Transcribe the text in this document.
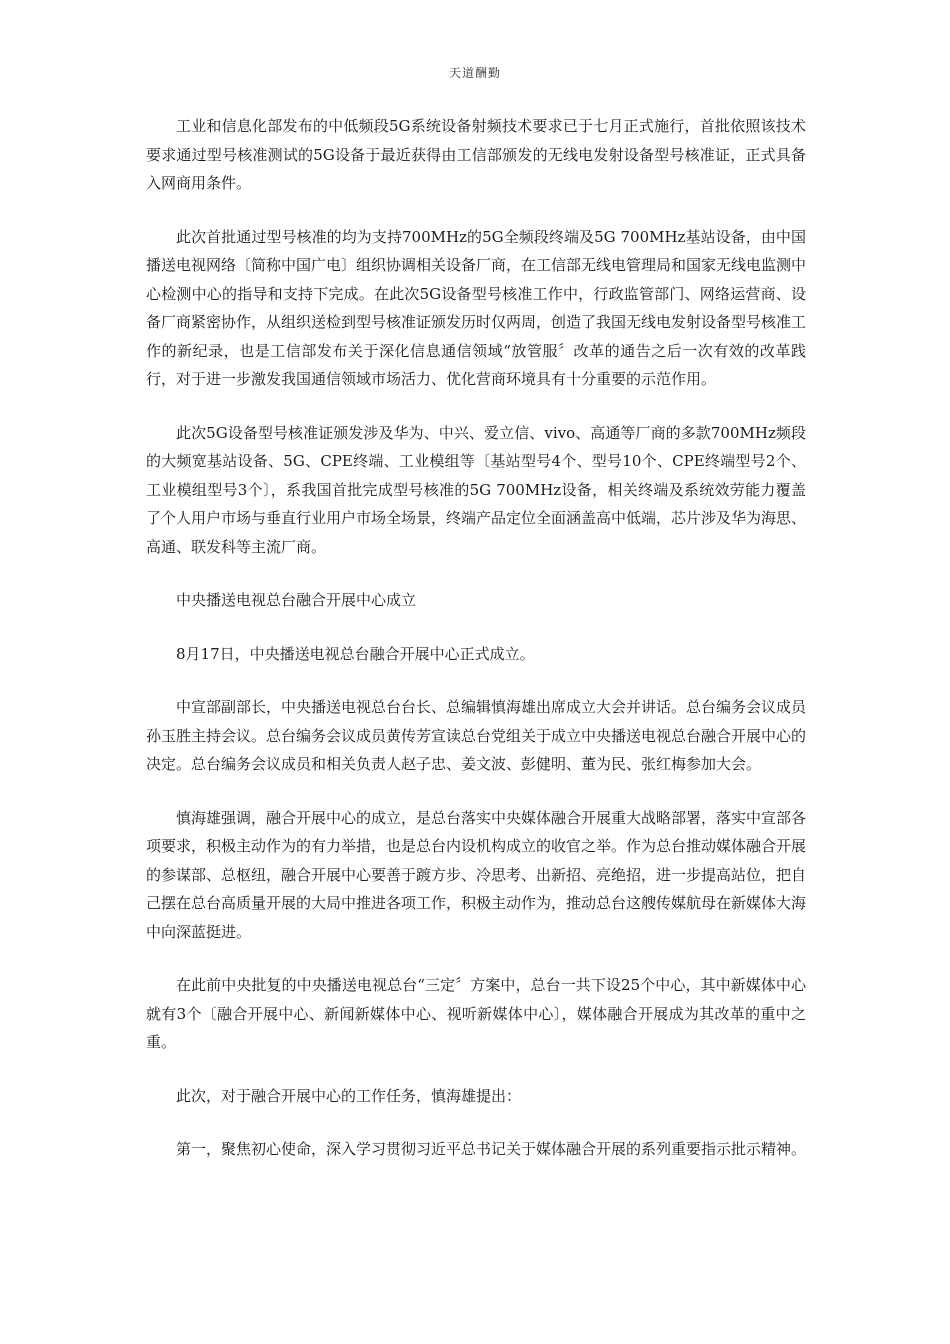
天道酬勤

工业和信息化部发布的中低频段5G系统设备射频技术要求已于七月正式施行，首批依照该技术要求通过型号核准测试的5G设备于最近获得由工信部颁发的无线电发射设备型号核准证，正式具备入网商用条件。

此次首批通过型号核准的均为支持700MHz的5G全频段终端及5G 700MHz基站设备，由中国播送电视网络〔简称中国广电〕组织协调相关设备厂商，在工信部无线电管理局和国家无线电监测中心检测中心的指导和支持下完成。在此次5G设备型号核准工作中，行政监管部门、网络运营商、设备厂商紧密协作，从组织送检到型号核准证颁发历时仅两周，创造了我国无线电发射设备型号核准工作的新纪录，也是工信部发布关于深化信息通信领域“放管服〞改革的通告之后一次有效的改革践行，对于进一步激发我国通信领域市场活力、优化营商环境具有十分重要的示范作用。

此次5G设备型号核准证颁发涉及华为、中兴、爱立信、vivo、高通等厂商的多款700MHz频段的大频宽基站设备、5G、CPE终端、工业模组等〔基站型号4个、型号10个、CPE终端型号2个、工业模组型号3个〕，系我国首批完成型号核准的5G 700MHz设备，相关终端及系统效劳能力覆盖了个人用户市场与垂直行业用户市场全场景，终端产品定位全面涵盖高中低端，芯片涉及华为海思、高通、联发科等主流厂商。

中央播送电视总台融合开展中心成立

8月17日，中央播送电视总台融合开展中心正式成立。

中宣部副部长，中央播送电视总台台长、总编辑慎海雄出席成立大会并讲话。总台编务会议成员孙玉胜主持会议。总台编务会议成员黄传芳宣读总台党组关于成立中央播送电视总台融合开展中心的决定。总台编务会议成员和相关负责人赵子忠、姜文波、彭健明、董为民、张红梅参加大会。

慎海雄强调，融合开展中心的成立，是总台落实中央媒体融合开展重大战略部署，落实中宣部各项要求，积极主动作为的有力举措，也是总台内设机构成立的收官之举。作为总台推动媒体融合开展的参谋部、总枢纽，融合开展中心要善于踱方步、冷思考、出新招、亮绝招，进一步提高站位，把自己摆在总台高质量开展的大局中推进各项工作，积极主动作为，推动总台这艘传媒航母在新媒体大海中向深蓝挺进。

在此前中央批复的中央播送电视总台“三定〞方案中，总台一共下设25个中心，其中新媒体中心就有3个〔融合开展中心、新闻新媒体中心、视听新媒体中心〕，媒体融合开展成为其改革的重中之重。

此次，对于融合开展中心的工作任务，慎海雄提出：

第一，聚焦初心使命，深入学习贯彻习近平总书记关于媒体融合开展的系列重要指示批示精神。
